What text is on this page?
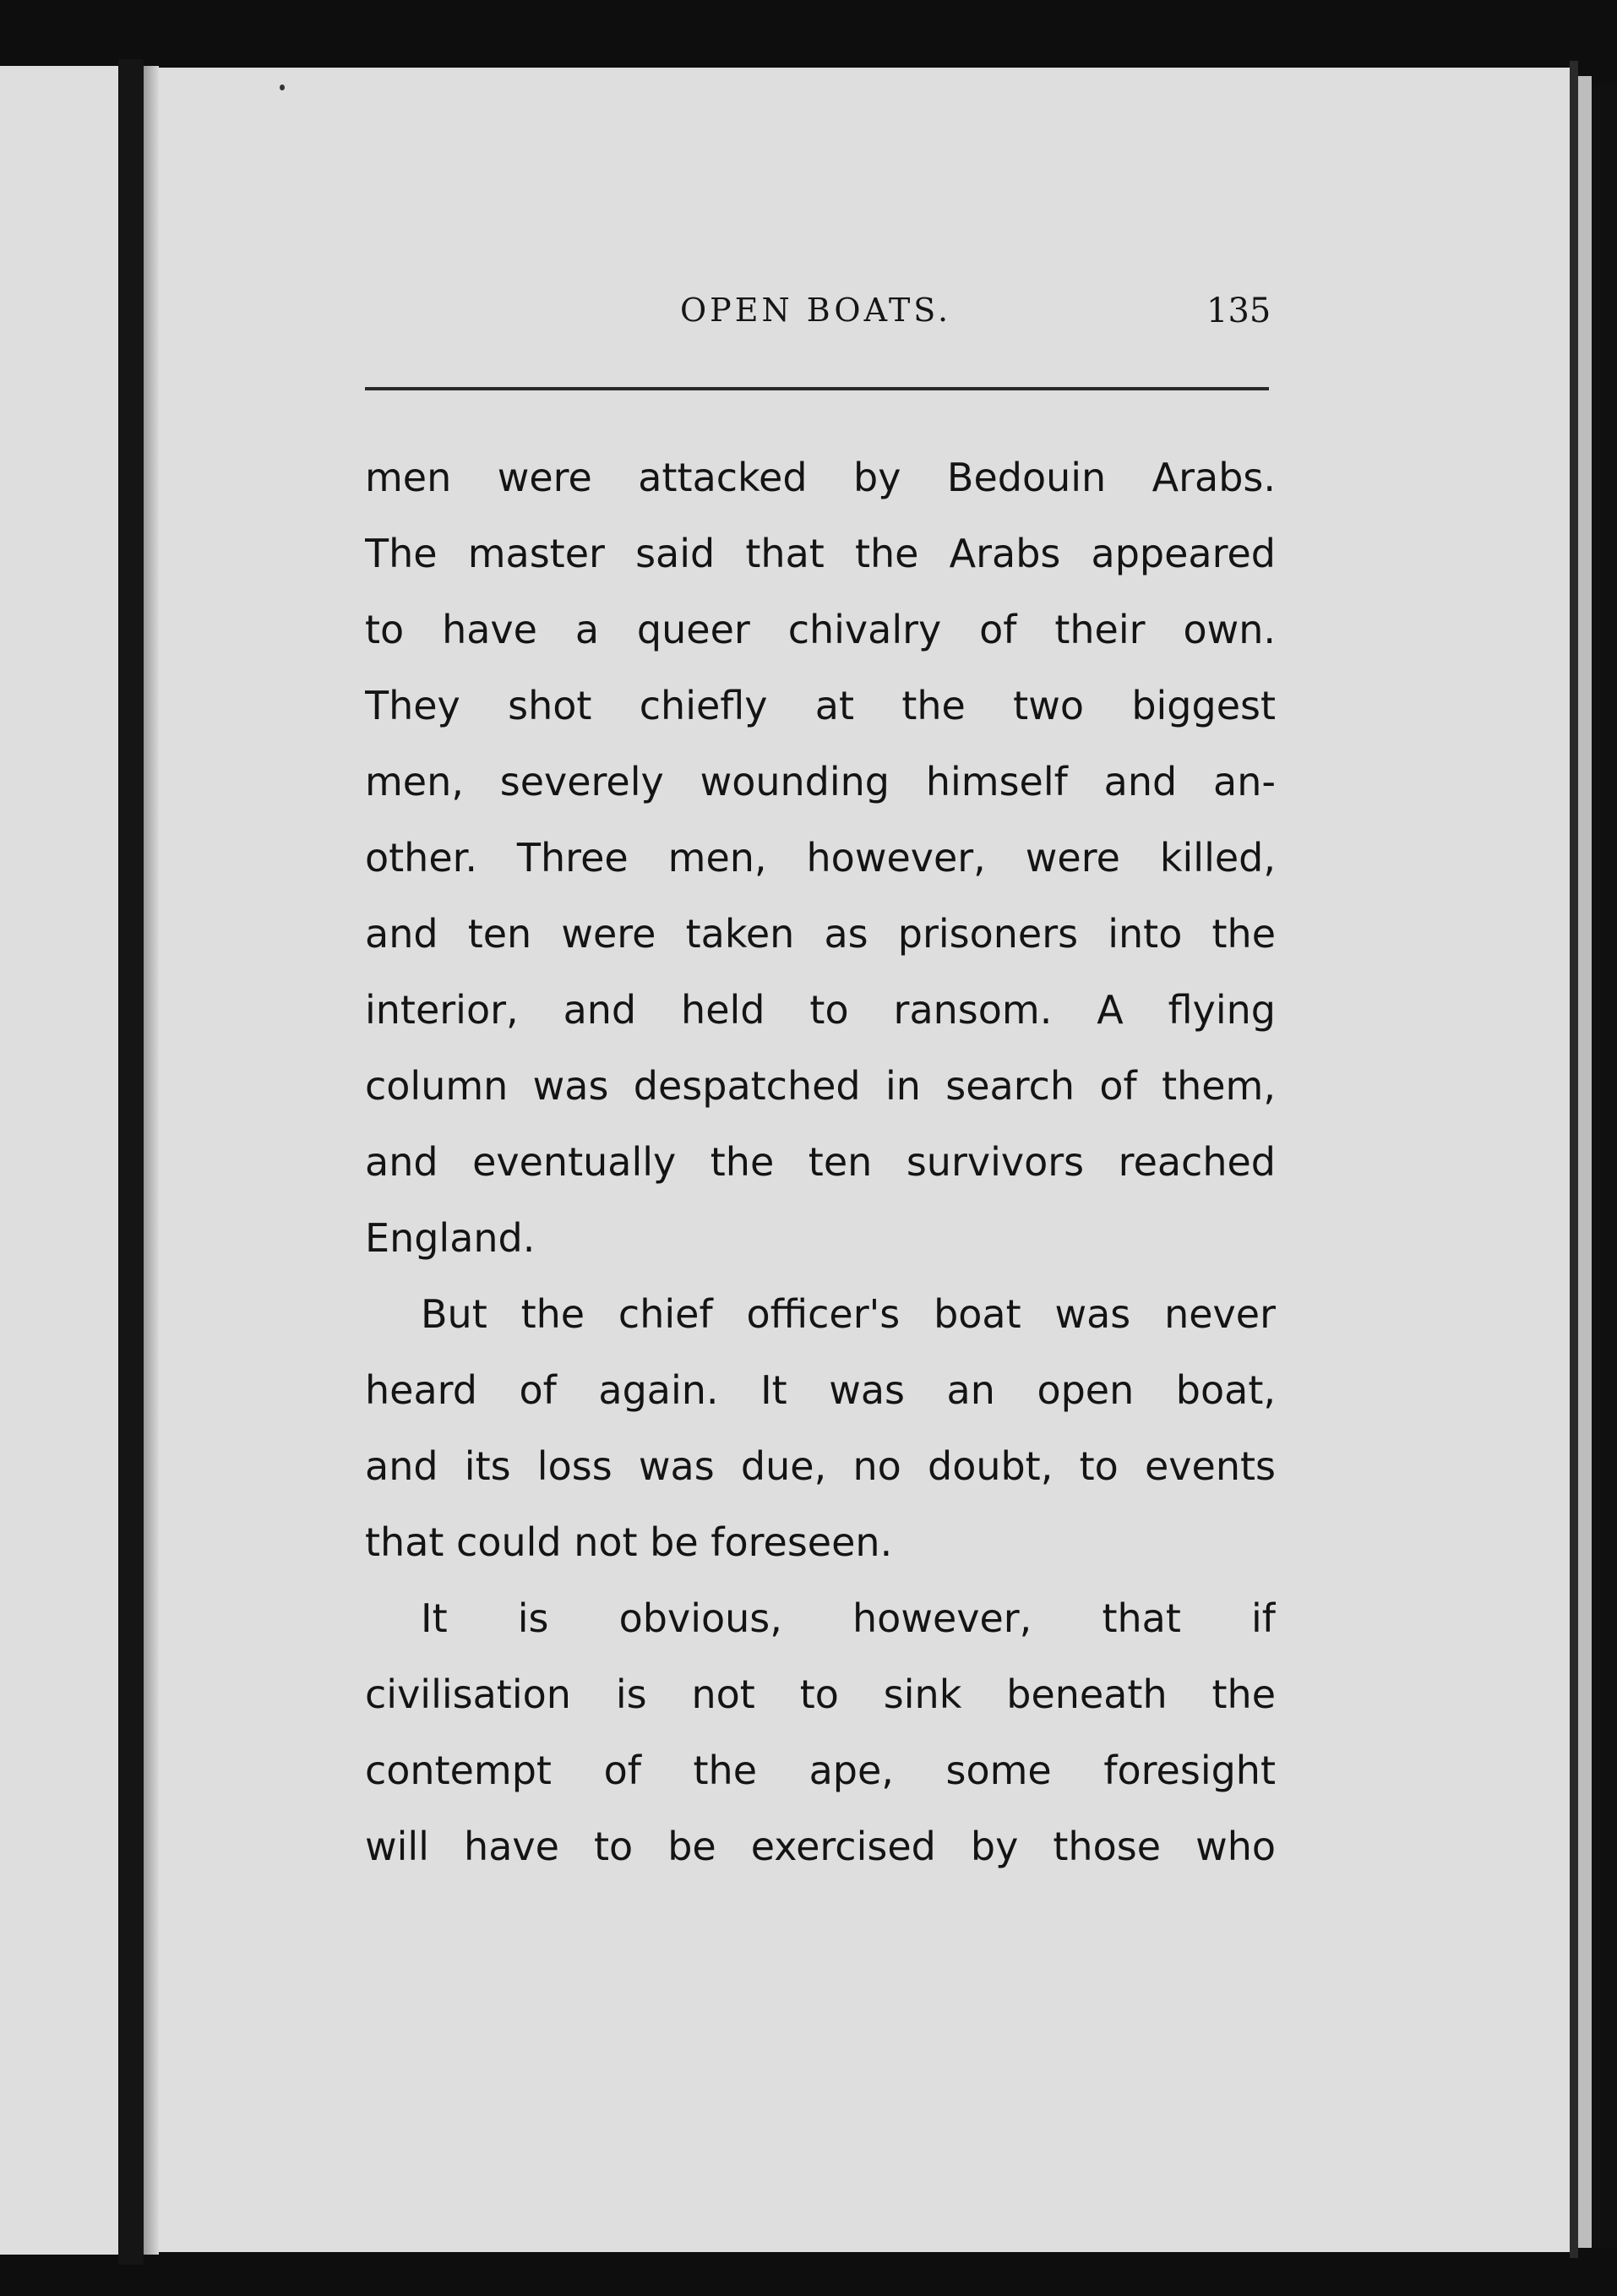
OPEN BOATS.	135
men were attacked by Bedouin Arabs.
The master said that the Arabs appeared
to have a queer chivalry of their own.
They shot chiefly at the two biggest
men, severely wounding himself and an-
other. Three men, however, were killed,
and ten were taken as prisoners into the
interior, and held to ransom. A flying
column was despatched in search of them,
and eventually the ten survivors reached
England.
But the chief officer's boat was never
heard of again. It was an open boat,
and its loss was due, no doubt, to events
that could not be foreseen.
It is obvious, however, that if
civilisation is not to sink beneath the
contempt of the ape, some foresight
will have to be exercised by those who
